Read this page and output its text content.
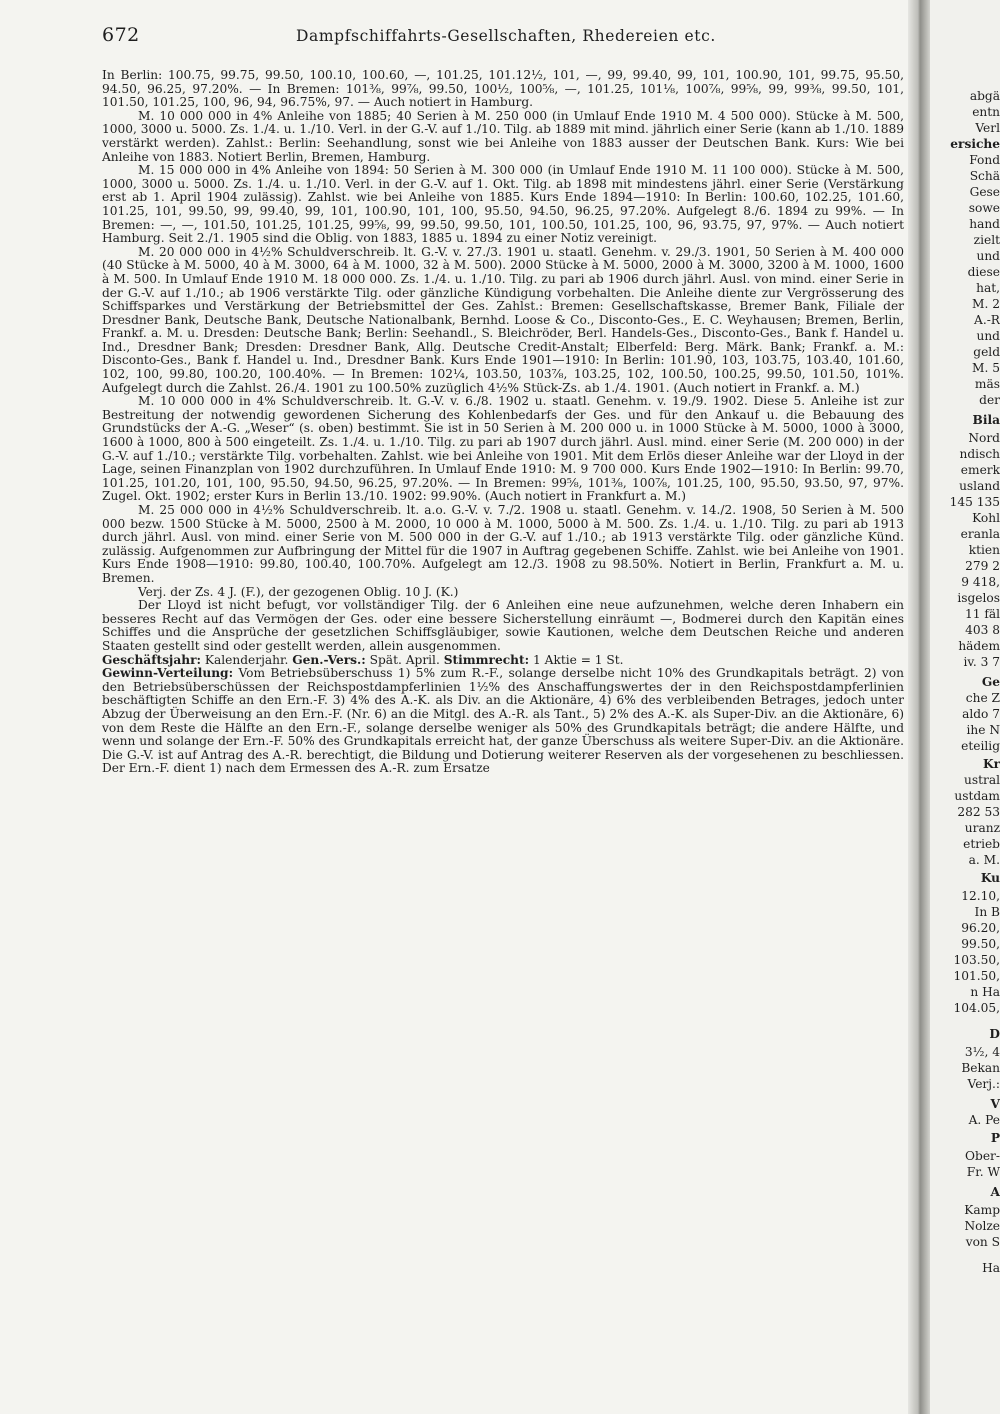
672	Dampfschiffahrts-Gesellschaften, Rhedereien etc.

In Berlin: 100.75, 99.75, 99.50, 100.10, 100.60, —, 101.25, 101.12½, 101, —, 99, 99.40, 99, 101, 100.90, 101, 99.75, 95.50, 94.50, 96.25, 97.20%. — In Bremen: 101⅜, 99⅞, 99.50, 100½, 100⅝, —, 101.25, 101⅛, 100⅞, 99⅝, 99, 99⅜, 99.50, 101, 101.50, 101.25, 100, 96, 94, 96.75%, 97. — Auch notiert in Hamburg.

M. 10 000 000 in 4% Anleihe von 1885; 40 Serien à M. 250 000 (in Umlauf Ende 1910 M. 4 500 000). Stücke à M. 500, 1000, 3000 u. 5000. Zs. 1./4. u. 1./10. Verl. in der G.-V. auf 1./10. Tilg. ab 1889 mit mind. jährlich einer Serie (kann ab 1./10. 1889 verstärkt werden). Zahlst.: Berlin: Seehandlung, sonst wie bei Anleihe von 1883 ausser der Deutschen Bank. Kurs: Wie bei Anleihe von 1883. Notiert Berlin, Bremen, Hamburg.

M. 15 000 000 in 4% Anleihe von 1894: 50 Serien à M. 300 000 (in Umlauf Ende 1910 M. 11 100 000). Stücke à M. 500, 1000, 3000 u. 5000. Zs. 1./4. u. 1./10. Verl. in der G.-V. auf 1. Okt. Tilg. ab 1898 mit mindestens jährl. einer Serie (Verstärkung erst ab 1. April 1904 zulässig). Zahlst. wie bei Anleihe von 1885. Kurs Ende 1894—1910: In Berlin: 100.60, 102.25, 101.60, 101.25, 101, 99.50, 99, 99.40, 99, 101, 100.90, 101, 100, 95.50, 94.50, 96.25, 97.20%. Aufgelegt 8./6. 1894 zu 99%. — In Bremen: —, —, 101.50, 101.25, 101.25, 99⅝, 99, 99.50, 99.50, 101, 100.50, 101.25, 100, 96, 93.75, 97, 97%. — Auch notiert Hamburg. Seit 2./1. 1905 sind die Oblig. von 1883, 1885 u. 1894 zu einer Notiz vereinigt.

M. 20 000 000 in 4½% Schuldverschreib. lt. G.-V. v. 27./3. 1901 u. staatl. Genehm. v. 29./3. 1901, 50 Serien à M. 400 000 (40 Stücke à M. 5000, 40 à M. 3000, 64 à M. 1000, 32 à M. 500). 2000 Stücke à M. 5000, 2000 à M. 3000, 3200 à M. 1000, 1600 à M. 500. In Umlauf Ende 1910 M. 18 000 000. Zs. 1./4. u. 1./10. Tilg. zu pari ab 1906 durch jährl. Ausl. von mind. einer Serie in der G.-V. auf 1./10.; ab 1906 verstärkte Tilg. oder gänzliche Kündigung vorbehalten. Die Anleihe diente zur Vergrösserung des Schiffsparkes und Verstärkung der Betriebsmittel der Ges. Zahlst.: Bremen: Gesellschaftskasse, Bremer Bank, Filiale der Dresdner Bank, Deutsche Bank, Deutsche Nationalbank, Bernhd. Loose & Co., Disconto-Ges., E. C. Weyhausen; Bremen, Berlin, Frankf. a. M. u. Dresden: Deutsche Bank; Berlin: Seehandl., S. Bleichröder, Berl. Handels-Ges., Disconto-Ges., Bank f. Handel u. Ind., Dresdner Bank; Dresden: Dresdner Bank, Allg. Deutsche Credit-Anstalt; Elberfeld: Berg. Märk. Bank; Frankf. a. M.: Disconto-Ges., Bank f. Handel u. Ind., Dresdner Bank. Kurs Ende 1901—1910: In Berlin: 101.90, 103, 103.75, 103.40, 101.60, 102, 100, 99.80, 100.20, 100.40%. — In Bremen: 102¼, 103.50, 103⅞, 103.25, 102, 100.50, 100.25, 99.50, 101.50, 101%. Aufgelegt durch die Zahlst. 26./4. 1901 zu 100.50% zuzüglich 4½% Stück-Zs. ab 1./4. 1901. (Auch notiert in Frankf. a. M.)

M. 10 000 000 in 4% Schuldverschreib. lt. G.-V. v. 6./8. 1902 u. staatl. Genehm. v. 19./9. 1902. Diese 5. Anleihe ist zur Bestreitung der notwendig gewordenen Sicherung des Kohlenbedarfs der Ges. und für den Ankauf u. die Bebauung des Grundstücks der A.-G. „Weser“ (s. oben) bestimmt. Sie ist in 50 Serien à M. 200 000 u. in 1000 Stücke à M. 5000, 1000 à 3000, 1600 à 1000, 800 à 500 eingeteilt. Zs. 1./4. u. 1./10. Tilg. zu pari ab 1907 durch jährl. Ausl. mind. einer Serie (M. 200 000) in der G.-V. auf 1./10.; verstärkte Tilg. vorbehalten. Zahlst. wie bei Anleihe von 1901. Mit dem Erlös dieser Anleihe war der Lloyd in der Lage, seinen Finanzplan von 1902 durchzuführen. In Umlauf Ende 1910: M. 9 700 000. Kurs Ende 1902—1910: In Berlin: 99.70, 101.25, 101.20, 101, 100, 95.50, 94.50, 96.25, 97.20%. — In Bremen: 99⅝, 101⅜, 100⅞, 101.25, 100, 95.50, 93.50, 97, 97%. Zugel. Okt. 1902; erster Kurs in Berlin 13./10. 1902: 99.90%. (Auch notiert in Frankfurt a. M.)

M. 25 000 000 in 4½% Schuldverschreib. lt. a.o. G.-V. v. 7./2. 1908 u. staatl. Genehm. v. 14./2. 1908, 50 Serien à M. 500 000 bezw. 1500 Stücke à M. 5000, 2500 à M. 2000, 10 000 à M. 1000, 5000 à M. 500. Zs. 1./4. u. 1./10. Tilg. zu pari ab 1913 durch jährl. Ausl. von mind. einer Serie von M. 500 000 in der G.-V. auf 1./10.; ab 1913 verstärkte Tilg. oder gänzliche Künd. zulässig. Aufgenommen zur Aufbringung der Mittel für die 1907 in Auftrag gegebenen Schiffe. Zahlst. wie bei Anleihe von 1901. Kurs Ende 1908—1910: 99.80, 100.40, 100.70%. Aufgelegt am 12./3. 1908 zu 98.50%. Notiert in Berlin, Frankfurt a. M. u. Bremen.

Verj. der Zs. 4 J. (F.), der gezogenen Oblig. 10 J. (K.)

Der Lloyd ist nicht befugt, vor vollständiger Tilg. der 6 Anleihen eine neue aufzunehmen, welche deren Inhabern ein besseres Recht auf das Vermögen der Ges. oder eine bessere Sicherstellung einräumt —, Bodmerei durch den Kapitän eines Schiffes und die Ansprüche der gesetzlichen Schiffsgläubiger, sowie Kautionen, welche dem Deutschen Reiche und anderen Staaten gestellt sind oder gestellt werden, allein ausgenommen.

Geschäftsjahr: Kalenderjahr. Gen.-Vers.: Spät. April. Stimmrecht: 1 Aktie = 1 St.

Gewinn-Verteilung: Vom Betriebsüberschuss 1) 5% zum R.-F., solange derselbe nicht 10% des Grundkapitals beträgt. 2) von den Betriebsüberschüssen der Reichspostdampferlinien 1½% des Anschaffungswertes der in den Reichspostdampferlinien beschäftigten Schiffe an den Ern.-F. 3) 4% des A.-K. als Div. an die Aktionäre, 4) 6% des verbleibenden Betrages, jedoch unter Abzug der Überweisung an den Ern.-F. (Nr. 6) an die Mitgl. des A.-R. als Tant., 5) 2% des A.-K. als Super-Div. an die Aktionäre, 6) von dem Reste die Hälfte an den Ern.-F., solange derselbe weniger als 50% des Grundkapitals beträgt; die andere Hälfte, und wenn und solange der Ern.-F. 50% des Grundkapitals erreicht hat, der ganze Überschuss als weitere Super-Div. an die Aktionäre. Die G.-V. ist auf Antrag des A.-R. berechtigt, die Bildung und Dotierung weiterer Reserven als der vorgesehenen zu beschliessen. Der Ern.-F. dient 1) nach dem Ermessen des A.-R. zum Ersatze

abgä
entn
Verl
ersiche
Fond
Schä
Gese
sowe
hand
zielt
und
diese
hat,
M. 2
A.-R
und
geld
M. 5
mäs
der
Bila
Nord
ndisch
emerk
usland
145 135
Kohl
eranla
ktien
279 2
9 418,
isgelos
11 fäl
403 8
hädem
iv. 3 7
Ge
che Z
aldo 7
ihe N
eteilig
Kr
ustral
ustdam
282 53
uranz
etrieb
a. M.
Ku
12.10,
In B
96.20,
99.50,
103.50,
101.50,
n Ha
104.05,
D
3½, 4
Bekan
Verj.:
V
A. Pe
P
Ober-
Fr. W
A
Kamp
Nolze
von S
Ha
